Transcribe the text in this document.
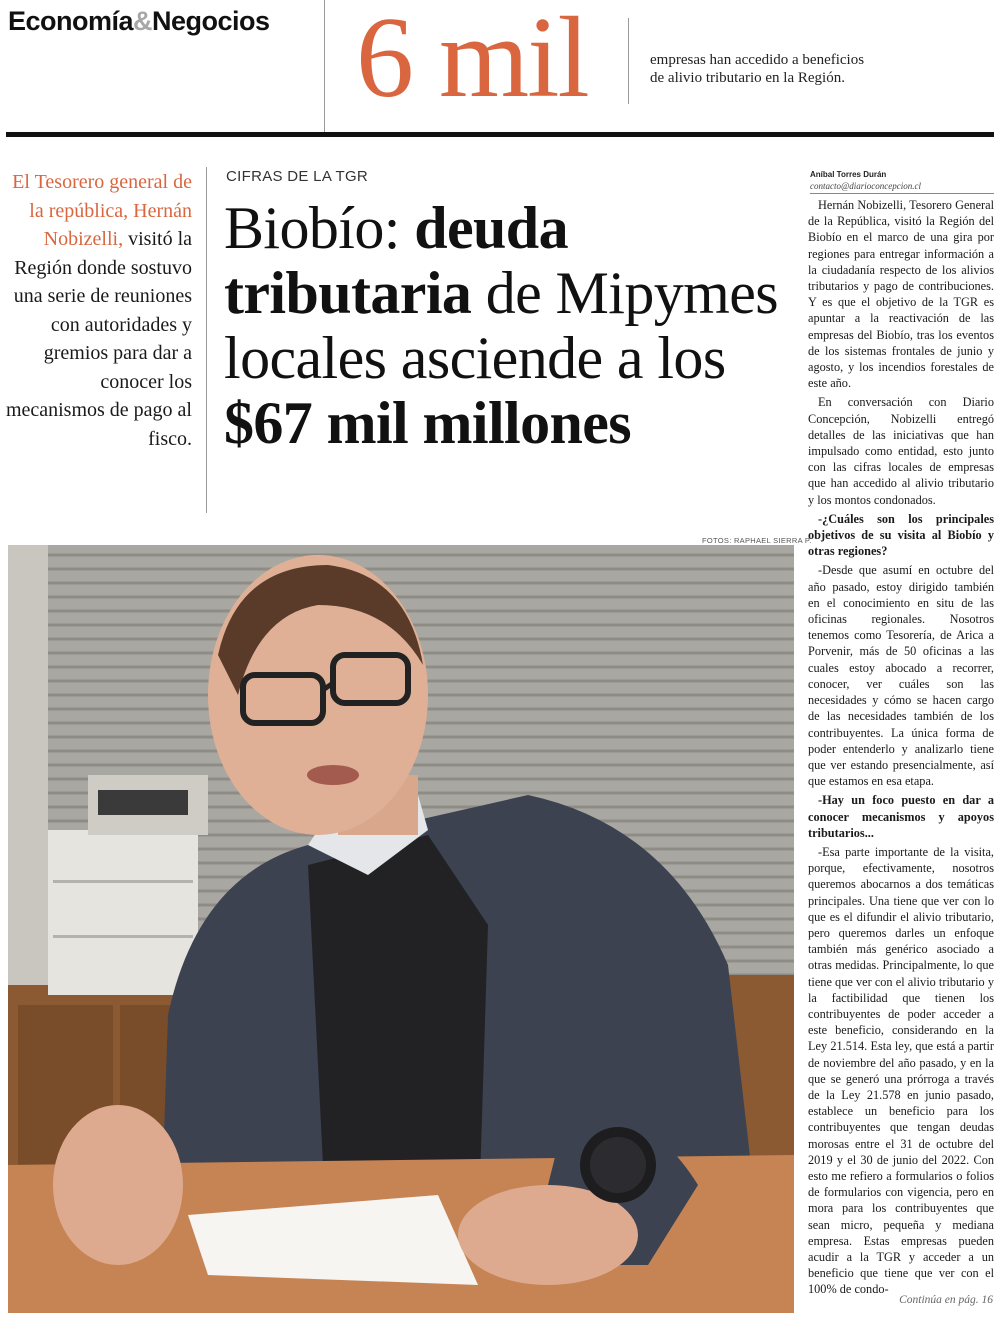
Economía&Negocios 6 mil	empresas han accedido a beneficios
de alivio tributario en la Región.
El Tesorero general de la república, Hernán Nobizelli, visitó la Región donde sostuvo una serie de reuniones con autoridades y gremios para dar a conocer los mecanismos de pago al fisco.
CIFRAS DE LA TGR
Biobío: deuda tributaria de Mipymes locales asciende a los $67 mil millones
FOTOS: RAPHAEL SIERRA P.
Aníbal Torres Durán
contacto@diarioconcepcion.cl

Hernán Nobizelli, Tesorero General de la República, visitó la Región del Biobío en el marco de una gira por regiones para entregar información a la ciudadanía respecto de los alivios tributarios y pago de contribuciones. Y es que el objetivo de la TGR es apuntar a la reactivación de las empresas del Biobío, tras los eventos de los sistemas frontales de junio y agosto, y los incendios forestales de este año.

En conversación con Diario Concepción, Nobizelli entregó detalles de las iniciativas que han impulsado como entidad, esto junto con las cifras locales de empresas que han accedido al alivio tributario y los montos condonados.

-¿Cuáles son los principales objetivos de su visita al Biobío y otras regiones?

-Desde que asumí en octubre del año pasado, estoy dirigido también en el conocimiento en situ de las oficinas regionales. Nosotros tenemos como Tesorería, de Arica a Porvenir, más de 50 oficinas a las cuales estoy abocado a recorrer, conocer, ver cuáles son las necesidades y cómo se hacen cargo de las necesidades también de los contribuyentes. La única forma de poder entenderlo y analizarlo tiene que ver estando presencialmente, así que estamos en esa etapa.

-Hay un foco puesto en dar a conocer mecanismos y apoyos tributarios...

-Esa parte importante de la visita, porque, efectivamente, nosotros queremos abocarnos a dos temáticas principales. Una tiene que ver con lo que es el difundir el alivio tributario, pero queremos darles un enfoque también más genérico asociado a otras medidas. Principalmente, lo que tiene que ver con el alivio tributario y la factibilidad que tienen los contribuyentes de poder acceder a este beneficio, considerando en la Ley 21.514. Esta ley, que está a partir de noviembre del año pasado, y en la que se generó una prórroga a través de la Ley 21.578 en junio pasado, establece un beneficio para los contribuyentes que tengan deudas morosas entre el 31 de octubre del 2019 y el 30 de junio del 2022. Con esto me refiero a formularios o folios de formularios con vigencia, pero en mora para los contribuyentes que sean micro, pequeña y mediana empresa. Estas empresas pueden acudir a la TGR y acceder a un beneficio que tiene que ver con el 100% de condo-

Continúa en pág. 16
